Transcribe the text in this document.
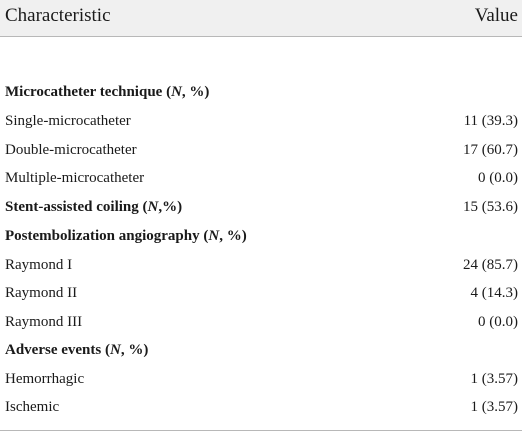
Characteristic	Value
Microcatheter technique (N, %)
Single-microcatheter	11 (39.3)
Double-microcatheter	17 (60.7)
Multiple-microcatheter	0 (0.0)
Stent-assisted coiling (N,%)	15 (53.6)
Postembolization angiography (N, %)
Raymond I	24 (85.7)
Raymond II	4 (14.3)
Raymond III	0 (0.0)
Adverse events (N, %)
Hemorrhagic	1 (3.57)
Ischemic	1 (3.57)
